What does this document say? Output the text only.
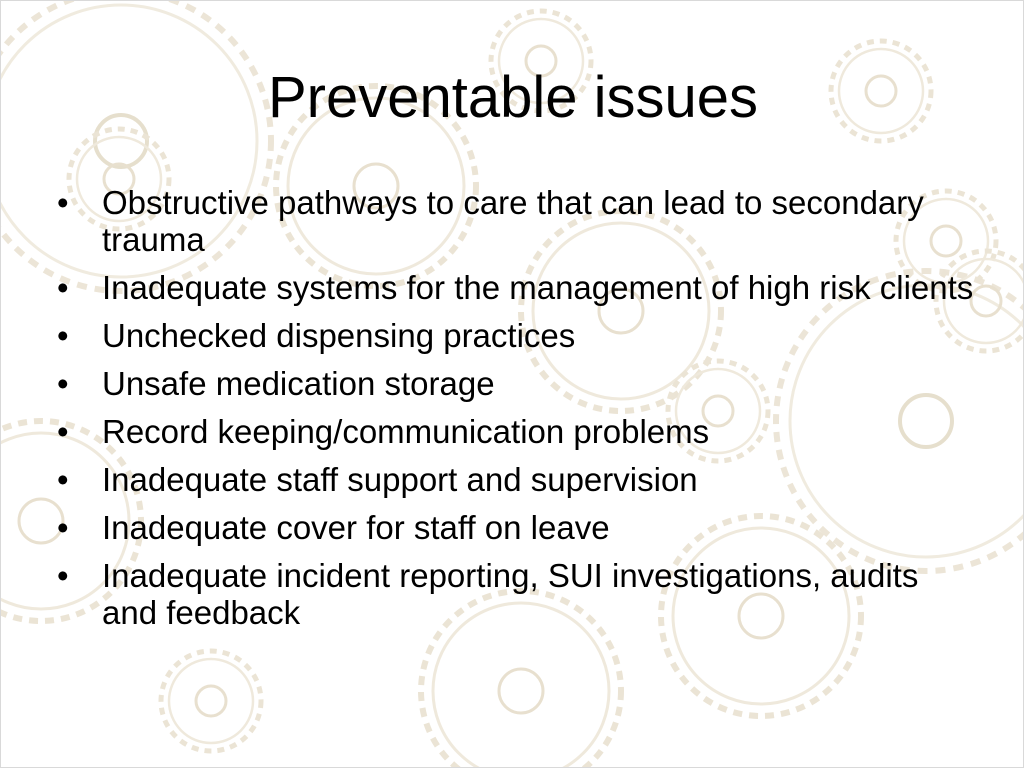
Preventable issues
• Obstructive pathways to care that can lead to secondary trauma
• Inadequate systems for the management of high risk clients
• Unchecked dispensing practices
• Unsafe medication storage
• Record keeping/communication problems
• Inadequate staff support and supervision
• Inadequate cover for staff on leave
• Inadequate incident reporting, SUI investigations, audits and feedback
